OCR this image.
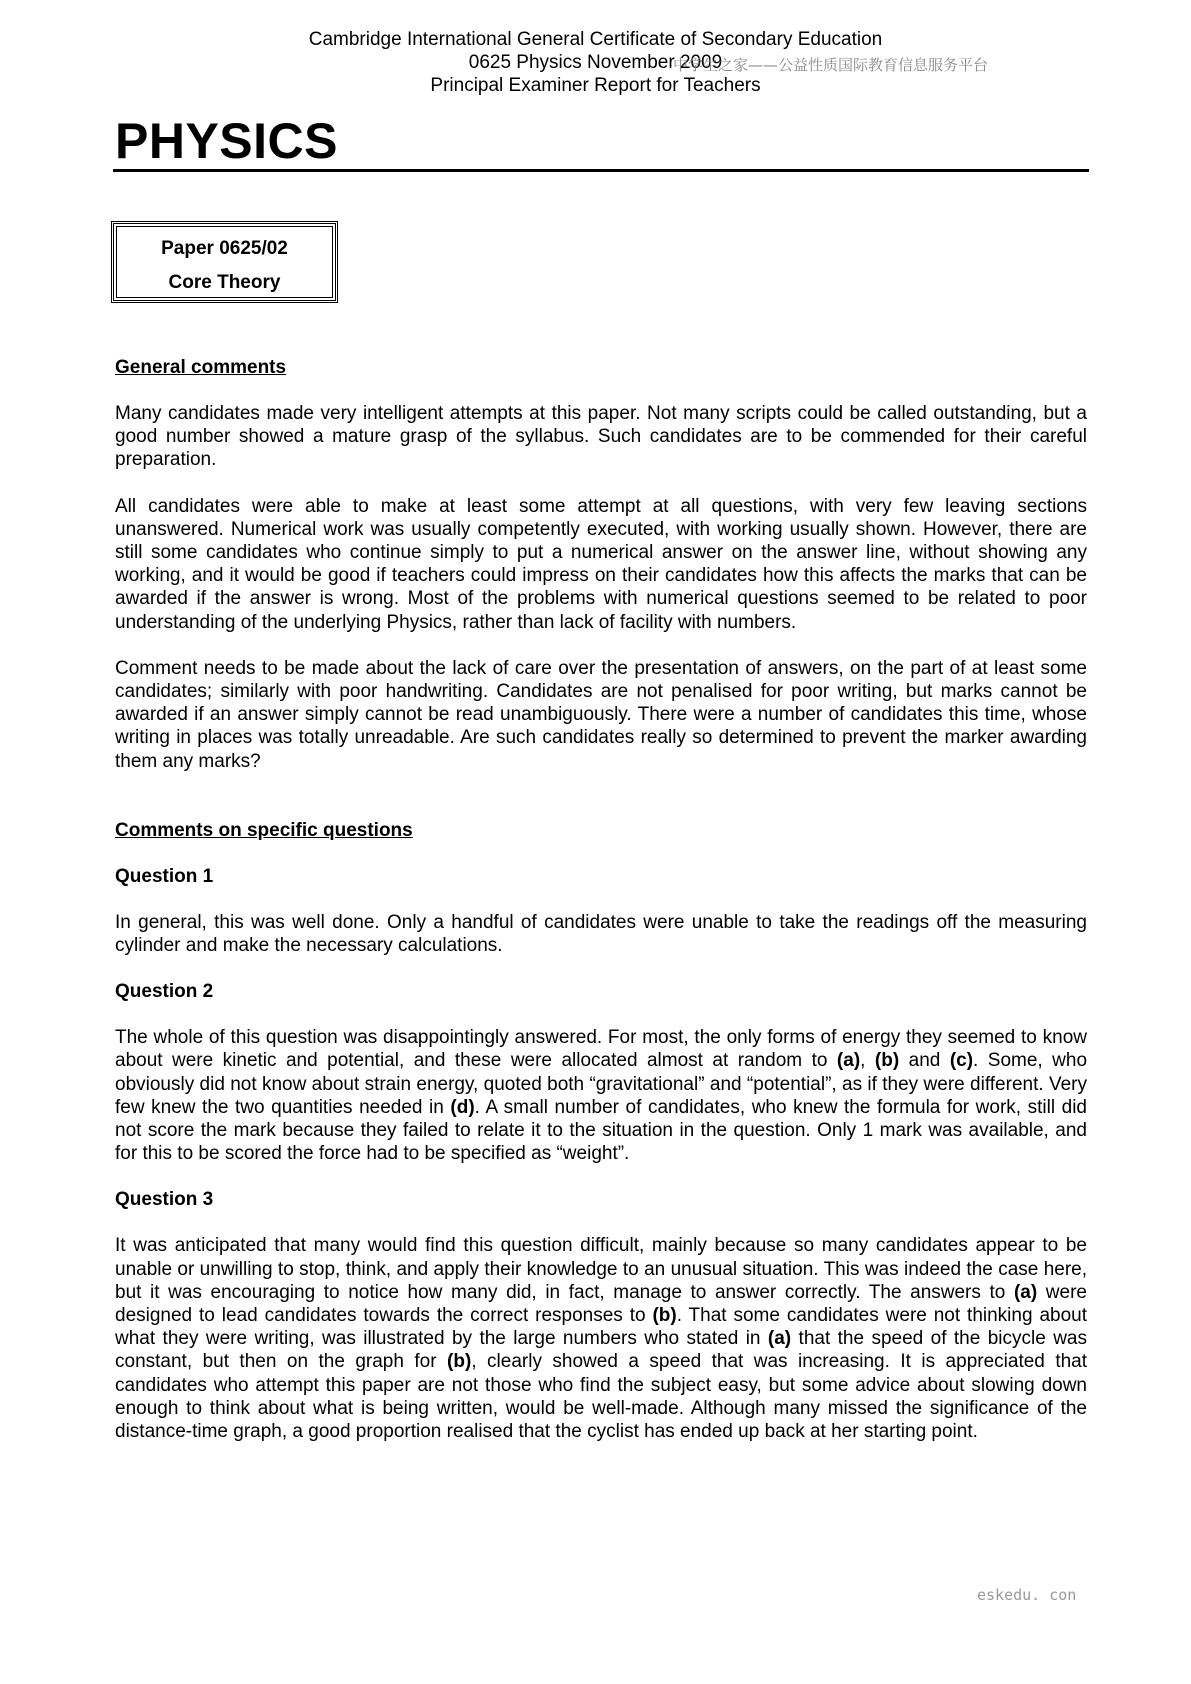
Cambridge International General Certificate of Secondary Education
0625 Physics November 2009
中学生之家——公益性质国际教育信息服务平台
Principal Examiner Report for Teachers
PHYSICS
Paper 0625/02
Core Theory
General comments

Many candidates made very intelligent attempts at this paper. Not many scripts could be called outstanding, but a good number showed a mature grasp of the syllabus. Such candidates are to be commended for their careful preparation.

All candidates were able to make at least some attempt at all questions, with very few leaving sections unanswered. Numerical work was usually competently executed, with working usually shown. However, there are still some candidates who continue simply to put a numerical answer on the answer line, without showing any working, and it would be good if teachers could impress on their candidates how this affects the marks that can be awarded if the answer is wrong. Most of the problems with numerical questions seemed to be related to poor understanding of the underlying Physics, rather than lack of facility with numbers.

Comment needs to be made about the lack of care over the presentation of answers, on the part of at least some candidates; similarly with poor handwriting. Candidates are not penalised for poor writing, but marks cannot be awarded if an answer simply cannot be read unambiguously. There were a number of candidates this time, whose writing in places was totally unreadable. Are such candidates really so determined to prevent the marker awarding them any marks?

Comments on specific questions
Question 1

In general, this was well done. Only a handful of candidates were unable to take the readings off the measuring cylinder and make the necessary calculations.

Question 2

The whole of this question was disappointingly answered. For most, the only forms of energy they seemed to know about were kinetic and potential, and these were allocated almost at random to (a), (b) and (c). Some, who obviously did not know about strain energy, quoted both “gravitational” and “potential”, as if they were different. Very few knew the two quantities needed in (d). A small number of candidates, who knew the formula for work, still did not score the mark because they failed to relate it to the situation in the question. Only 1 mark was available, and for this to be scored the force had to be specified as “weight”.

Question 3

It was anticipated that many would find this question difficult, mainly because so many candidates appear to be unable or unwilling to stop, think, and apply their knowledge to an unusual situation. This was indeed the case here, but it was encouraging to notice how many did, in fact, manage to answer correctly. The answers to (a) were designed to lead candidates towards the correct responses to (b). That some candidates were not thinking about what they were writing, was illustrated by the large numbers who stated in (a) that the speed of the bicycle was constant, but then on the graph for (b), clearly showed a speed that was increasing. It is appreciated that candidates who attempt this paper are not those who find the subject easy, but some advice about slowing down enough to think about what is being written, would be well-made. Although many missed the significance of the distance-time graph, a good proportion realised that the cyclist has ended up back at her starting point.

eskedu. con
